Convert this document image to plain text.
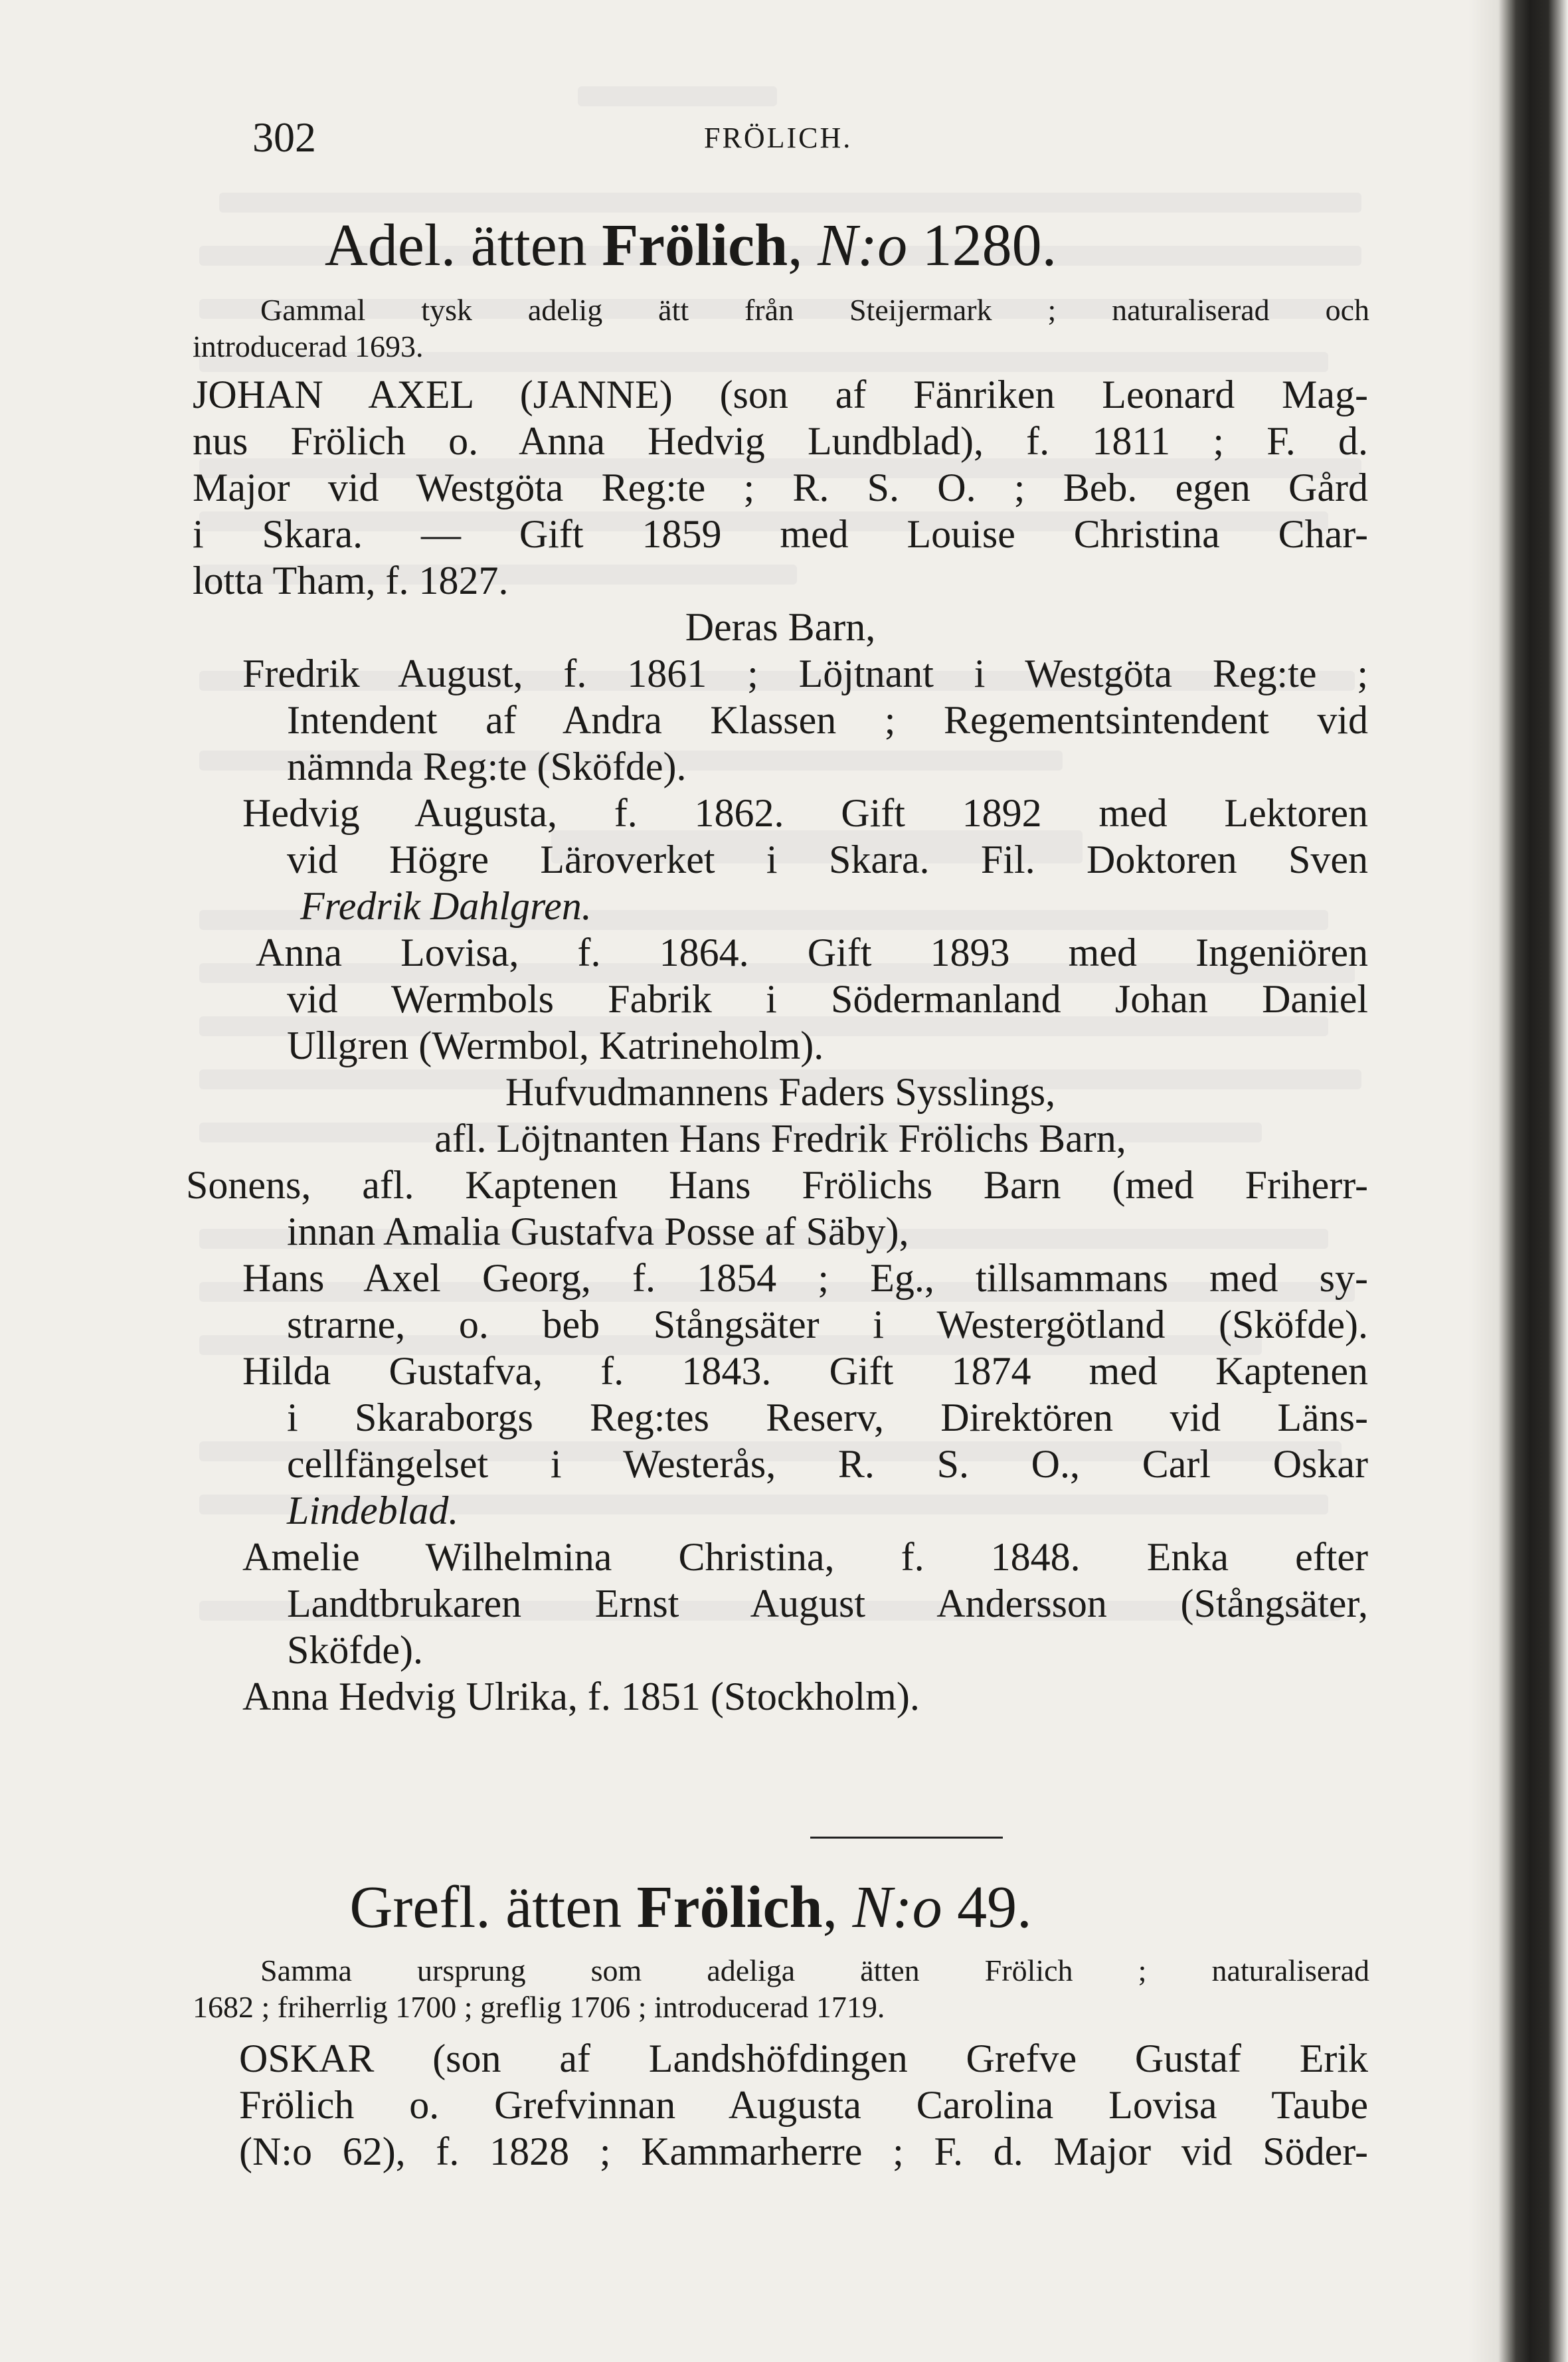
302	FRÖLICH.
Adel. ätten Frölich, N:o 1280.
Gammal tysk adelig ätt från Steijermark ; naturaliserad och
introducerad 1693.
JOHAN AXEL (JANNE) (son af Fänriken Leonard Mag-
nus Frölich o. Anna Hedvig Lundblad), f. 1811 ; F. d.
Major vid Westgöta Reg:te ; R. S. O. ; Beb. egen Gård
i Skara. — Gift 1859 med Louise Christina Char-
lotta Tham, f. 1827.
Deras Barn,
Fredrik August, f. 1861 ; Löjtnant i Westgöta Reg:te ;
Intendent af Andra Klassen ; Regementsintendent vid
nämnda Reg:te (Sköfde).
Hedvig Augusta, f. 1862. Gift 1892 med Lektoren
vid Högre Läroverket i Skara. Fil. Doktoren Sven
Fredrik Dahlgren.
Anna Lovisa, f. 1864. Gift 1893 med Ingeniören
vid Wermbols Fabrik i Södermanland Johan Daniel
Ullgren (Wermbol, Katrineholm).
Hufvudmannens Faders Sysslings,
afl. Löjtnanten Hans Fredrik Frölichs Barn,
Sonens, afl. Kaptenen Hans Frölichs Barn (med Friherr-
innan Amalia Gustafva Posse af Säby),
Hans Axel Georg, f. 1854 ; Eg., tillsammans med sy-
strarne, o. beb Stångsäter i Westergötland (Sköfde).
Hilda Gustafva, f. 1843. Gift 1874 med Kaptenen
i Skaraborgs Reg:tes Reserv, Direktören vid Läns-
cellfängelset i Westerås, R. S. O., Carl Oskar
Lindeblad.
Amelie Wilhelmina Christina, f. 1848. Enka efter
Landtbrukaren Ernst August Andersson (Stångsäter,
Sköfde).
Anna Hedvig Ulrika, f. 1851 (Stockholm).
Grefl. ätten Frölich, N:o 49.
Samma ursprung som adeliga ätten Frölich ; naturaliserad
1682 ; friherrlig 1700 ; greflig 1706 ; introducerad 1719.
OSKAR (son af Landshöfdingen Grefve Gustaf Erik
Frölich o. Grefvinnan Augusta Carolina Lovisa Taube
(N:o 62), f. 1828 ; Kammarherre ; F. d. Major vid Söder-
